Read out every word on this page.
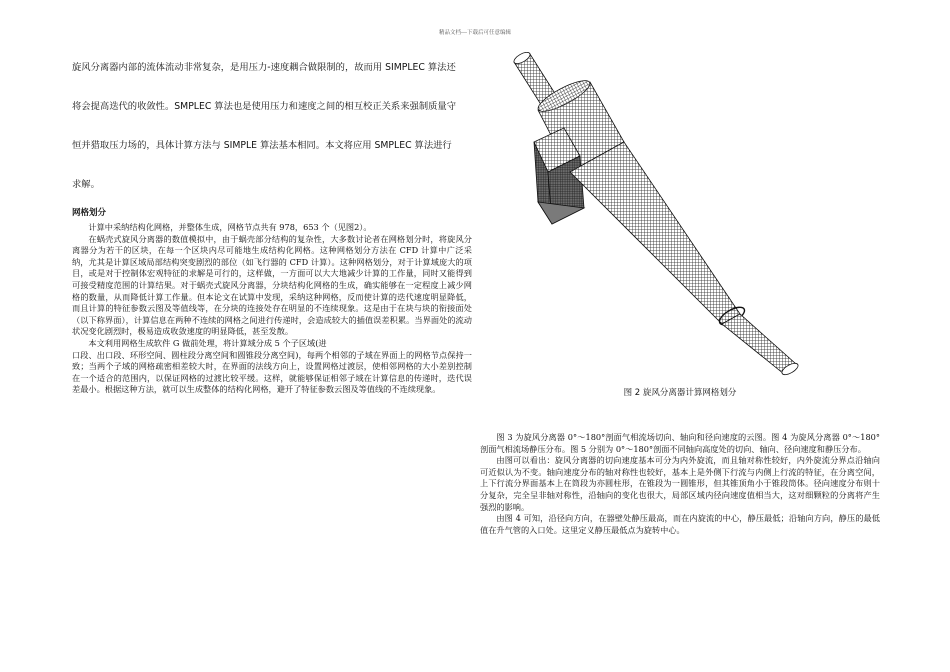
精品文档---下载后可任意编辑

旋风分离器内部的流体流动非常复杂，是用压力-速度耦合做限制的，故而用 SIMPLEC 算法还

将会提高迭代的收敛性。SMPLEC 算法也是使用压力和速度之间的相互校正关系来强制质量守

恒并猎取压力场的，具体计算方法与 SIMPLE 算法基本相同。本文将应用 SMPLEC 算法进行

求解。

网格划分

计算中采纳结构化网格，并整体生成，网格节点共有 978，653 个（见图2）。

在蜗壳式旋风分离器的数值模拟中，由于蜗壳部分结构的复杂性，大多数讨论者在网格划分时，将旋风分离器分为若干的区块，在每一个区块内尽可能地生成结构化网格。这种网格划分方法在 CFD 计算中广泛采纳，尤其是计算区域局部结构突变剧烈的部位（如飞行器的 CFD 计算）。这种网格划分，对于计算域庞大的项目，或是对于控制体宏观特征的求解是可行的，这样做，一方面可以大大地减少计算的工作量，同时又能得到可接受精度范围的计算结果。对于蜗壳式旋风分离器，分块结构化网格的生成，确实能够在一定程度上减少网格的数量，从而降低计算工作量。但本论文在试算中发现，采纳这种网格，反而使计算的迭代速度明显降低，而且计算的特征参数云图及等值线等，在分块的连接处存在明显的不连续现象。这是由于在块与块的衔接面处（以下称界面），计算信息在两种不连续的网格之间进行传递时，会造成较大的插值误差积累。当界面处的流动状况变化剧烈时，极易造成收敛速度的明显降低，甚至发散。

本文利用网格生成软件 G 做前处理，将计算域分成 5 个子区域(进

口段、出口段、环形空间、圆柱段分离空间和圆锥段分离空间)，每两个相邻的子域在界面上的网格节点保持一致；当两个子域的网格疏密相差较大时，在界面的法线方向上，设置网格过渡层，使相邻网格的大小差别控制在一个适合的范围内，以保证网格的过渡比较平缓。这样，就能够保证相邻子域在计算信息的传递时，迭代误差最小。根据这种方法，就可以生成整体的结构化网格，避开了特征参数云图及等值线的不连续现象。	图 2 旋风分离器计算网格划分

图 3 为旋风分离器 0°～180°剖面气相流场切向、轴向和径向速度的云图。图 4 为旋风分离器 0°～180°剖面气相流场静压分布。图 5 分别为 0°～180°剖面不同轴向高度处的切向、轴向、径向速度和静压分布。

由图可以看出：旋风分离器的切向速度基本可分为内外旋流，而且轴对称性较好，内外旋流分界点沿轴向可近似认为不变。轴向速度分布的轴对称性也较好，基本上是外侧下行流与内侧上行流的特征，在分离空间，上下行流分界面基本上在筒段为亦圆柱形，在锥段为一圆锥形，但其锥顶角小于锥段筒体。径向速度分布则十分复杂，完全呈非轴对称性，沿轴向的变化也很大，局部区域内径向速度值相当大，这对细颗粒的分离将产生强烈的影响。

由图 4 可知，沿径向方向，在器壁处静压最高，而在内旋流的中心，静压最低；沿轴向方向，静压的最低值在升气管的入口处。这里定义静压最低点为旋转中心。
